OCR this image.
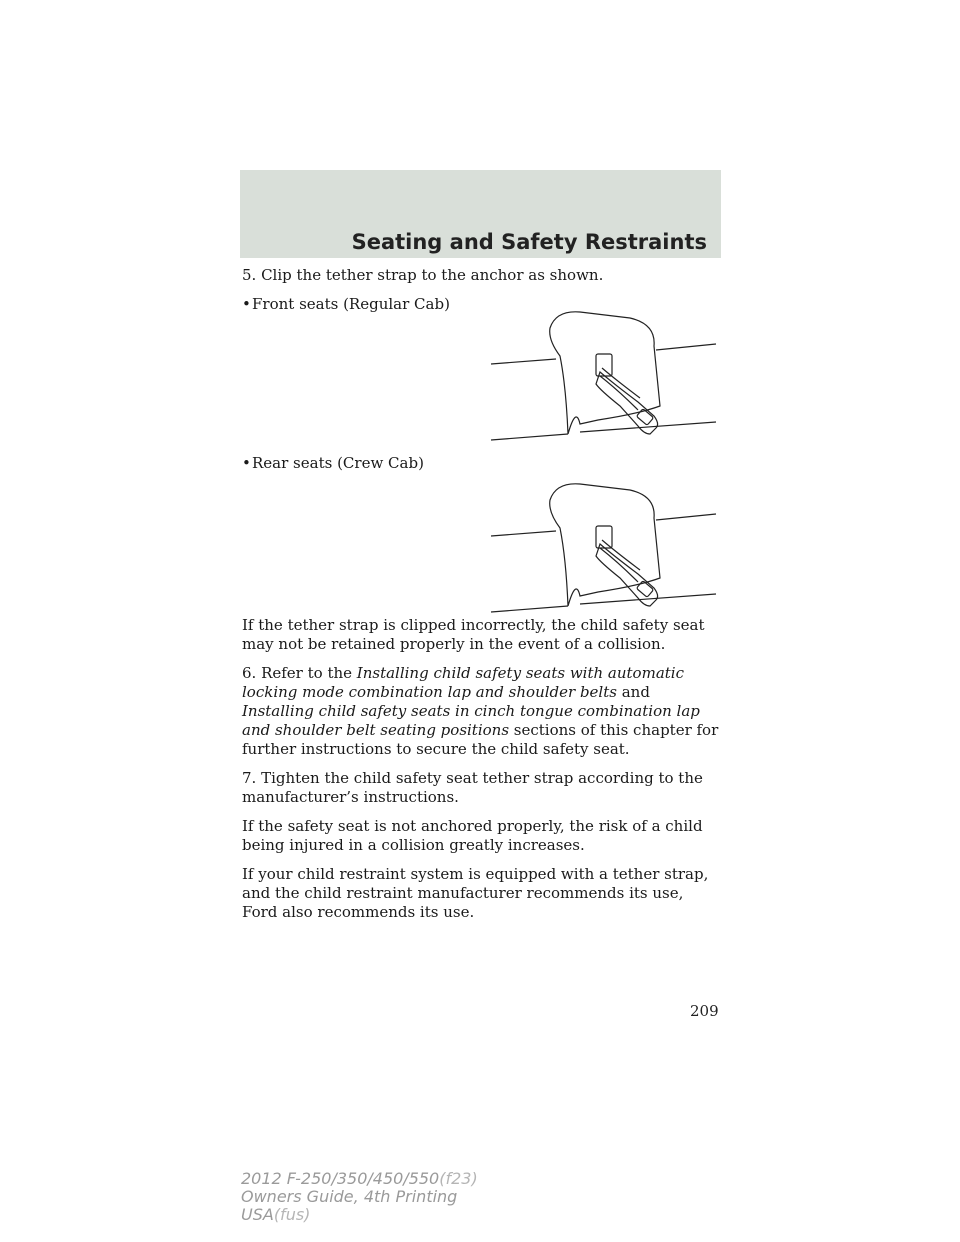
Seating and Safety Restraints

5. Clip the tether strap to the anchor as shown.

• Front seats (Regular Cab)
• Rear seats (Crew Cab)

If the tether strap is clipped incorrectly, the child safety seat may not be retained properly in the event of a collision.

6. Refer to the Installing child safety seats with automatic locking mode combination lap and shoulder belts and Installing child safety seats in cinch tongue combination lap and shoulder belt seating positions sections of this chapter for further instructions to secure the child safety seat.

7. Tighten the child safety seat tether strap according to the manufacturer’s instructions.

If the safety seat is not anchored properly, the risk of a child being injured in a collision greatly increases.

If your child restraint system is equipped with a tether strap, and the child restraint manufacturer recommends its use, Ford also recommends its use.

209
2012 F-250/350/450/550(f23)
Owners Guide, 4th Printing
USA(fus)
